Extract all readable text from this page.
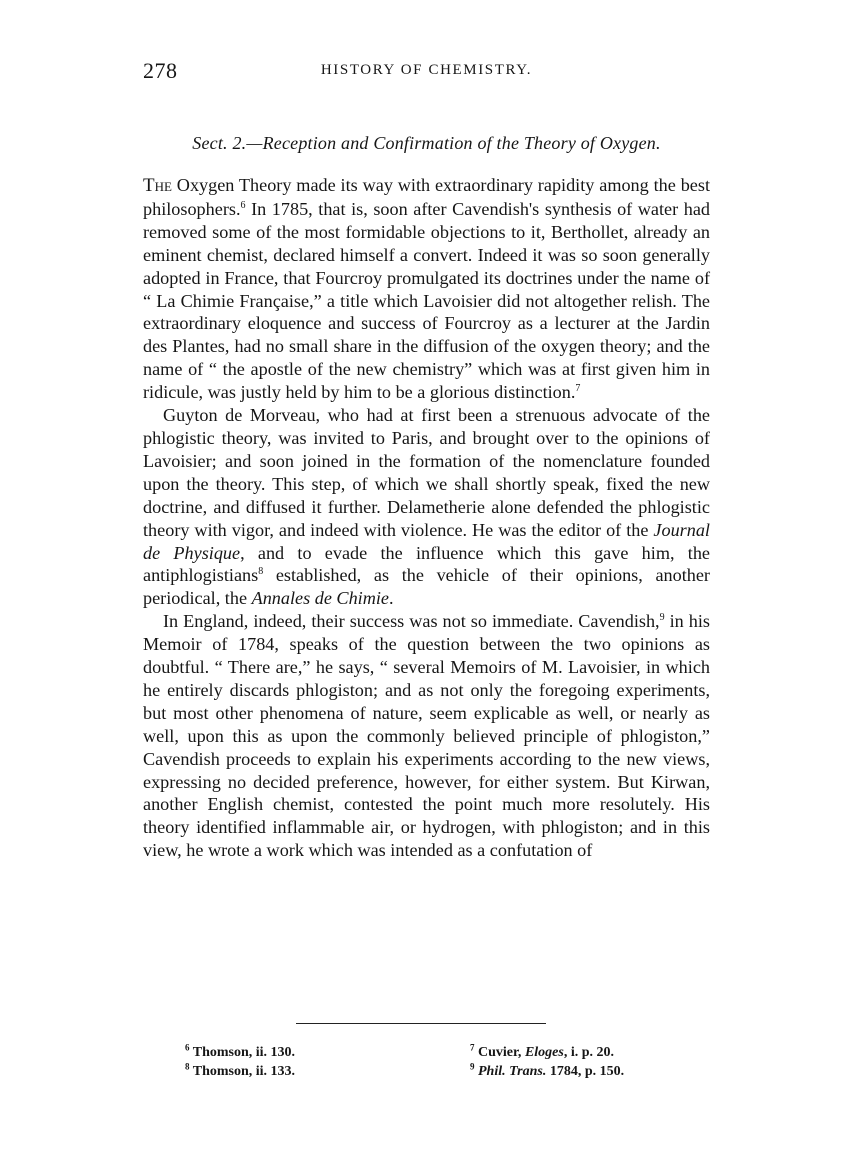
278	HISTORY OF CHEMISTRY.
Sect. 2.—Reception and Confirmation of the Theory of Oxygen.

The Oxygen Theory made its way with extraordinary rapidity among the best philosophers.$^6$ In 1785, that is, soon after Cavendish's synthesis of water had removed some of the most formidable objections to it, Berthollet, already an eminent chemist, declared himself a convert. Indeed it was so soon generally adopted in France, that Fourcroy promulgated its doctrines under the name of “ La Chimie Française,” a title which Lavoisier did not altogether relish. The extraordinary eloquence and success of Fourcroy as a lecturer at the Jardin des Plantes, had no small share in the diffusion of the oxygen theory; and the name of “ the apostle of the new chemistry” which was at first given him in ridicule, was justly held by him to be a glorious distinction.$^7$

Guyton de Morveau, who had at first been a strenuous advocate of the phlogistic theory, was invited to Paris, and brought over to the opinions of Lavoisier; and soon joined in the formation of the nomenclature founded upon the theory. This step, of which we shall shortly speak, fixed the new doctrine, and diffused it further. Delametherie alone defended the phlogistic theory with vigor, and indeed with violence. He was the editor of the Journal de Physique, and to evade the influence which this gave him, the antiphlogistians$^8$ established, as the vehicle of their opinions, another periodical, the Annales de Chimie.

In England, indeed, their success was not so immediate. Cavendish,$^9$ in his Memoir of 1784, speaks of the question between the two opinions as doubtful. “ There are,” he says, “ several Memoirs of M. Lavoisier, in which he entirely discards phlogiston; and as not only the foregoing experiments, but most other phenomena of nature, seem explicable as well, or nearly as well, upon this as upon the commonly believed principle of phlogiston,” Cavendish proceeds to explain his experiments according to the new views, expressing no decided preference, however, for either system. But Kirwan, another English chemist, contested the point much more resolutely. His theory identified inflammable air, or hydrogen, with phlogiston; and in this view, he wrote a work which was intended as a confutation of

$^6$ Thomson, ii. 130.
$^8$ Thomson, ii. 133.
$^7$ Cuvier, Eloges, i. p. 20.
$^9$ Phil. Trans. 1784, p. 150.
